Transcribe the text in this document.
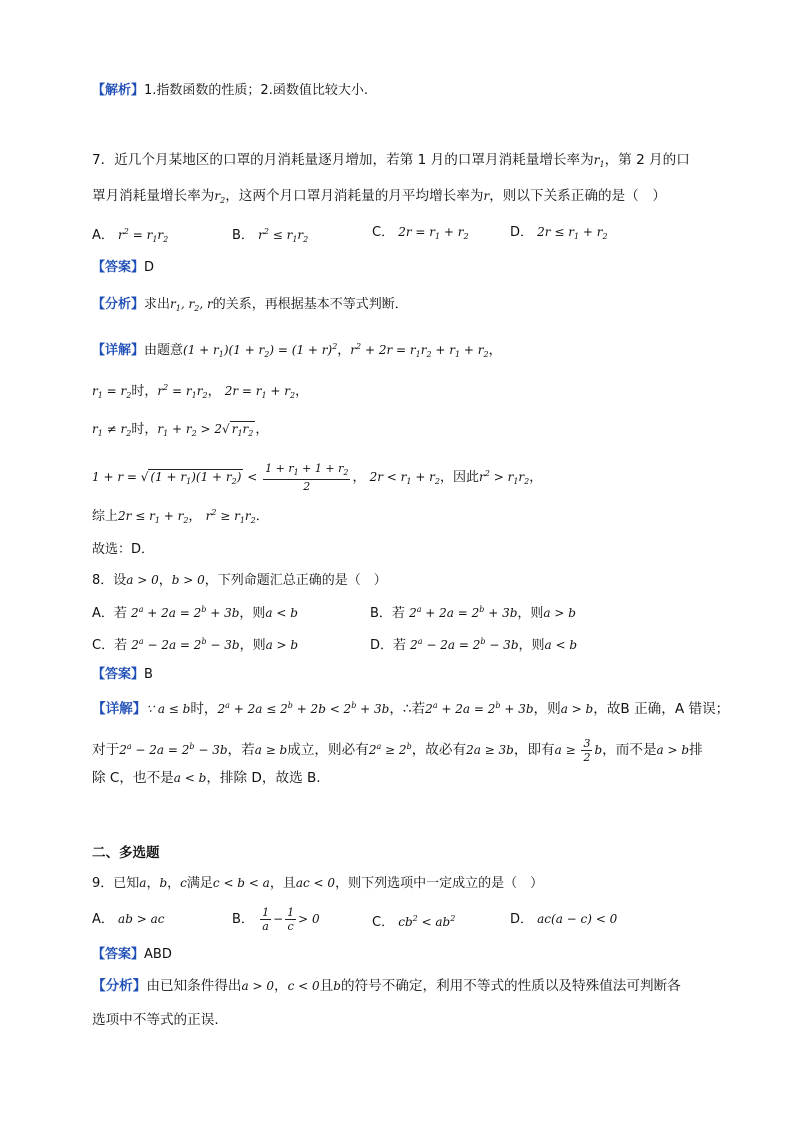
【解析】1.指数函数的性质；2.函数值比较大小.
7．近几个月某地区的口罩的月消耗量逐月增加，若第 1 月的口罩月消耗量增长率为$r_1$，第 2 月的口
罩月消耗量增长率为$r_2$，这两个月口罩月消耗量的月平均增长率为r，则以下关系正确的是（　）
A． $r^2 = r_1r_2$	B． $r^2 \le r_1r_2$	C． $2r = r_1 + r_2$	D． $2r \le r_1 + r_2$
【答案】D
【分析】求出$r_1$, $r_2$, r的关系，再根据基本不等式判断．
【详解】由题意$(1 + r_1)(1 + r_2) = (1 + r)^2$，$r^2 + 2r = r_1r_2 + r_1 + r_2$，
$r_1 = r_2$时，$r^2 = r_1r_2$， $2r = r_1 + r_2$，
$r_1 \ne r_2$时，$r_1 + r_2 > 2√$ $r_1r_2$ ，
1 + r = √ $(1 + r_1)(1 + r_2) < \frac{1 + r_1 + 1 + r_2}{2}$ ， $2r < r_1 + r_2$，因此$r^2 > r_1r_2$，
综上$2r \le r_1 + r_2$， $r^2 \ge r_1r_2$．
故选：D．
8．设a > 0，b > 0，下列命题汇总正确的是（　）
A．若 $2^a + 2a = 2^b + 3b$，则a < b	B．若 $2^a + 2a = 2^b + 3b$，则a > b
C．若 $2^a - 2a = 2^b - 3b$，则a > b	D．若 $2^a - 2a = 2^b - 3b$，则a < b
【答案】B
【详解】∵ a ≤ b时，$2^a + 2a \le 2^b + 2b < 2^b + 3b$，∴若$2^a + 2a = 2^b + 3b$，则a > b，故B 正确，A 错误；
对于$2^a - 2a = 2^b - 3b$，若a ≥ b成立，则必有$2^a \ge 2^b$，故必有2a ≥ 3b，即有$a \ge \frac{3}{2}$ b，而不是a > b排
除 C，也不是a < b，排除 D，故选 B.
二、多选题
9．已知a，b，c满足c < b < a，且ac < 0，则下列选项中一定成立的是（　）
A． ab > ac	B． $\frac{1}{a} - \frac{1}{c} > 0$	C． $cb^2 < ab^2$	D． ac(a − c) < 0
【答案】ABD
【分析】由已知条件得出a > 0，c < 0且b的符号不确定，利用不等式的性质以及特殊值法可判断各
选项中不等式的正误.
